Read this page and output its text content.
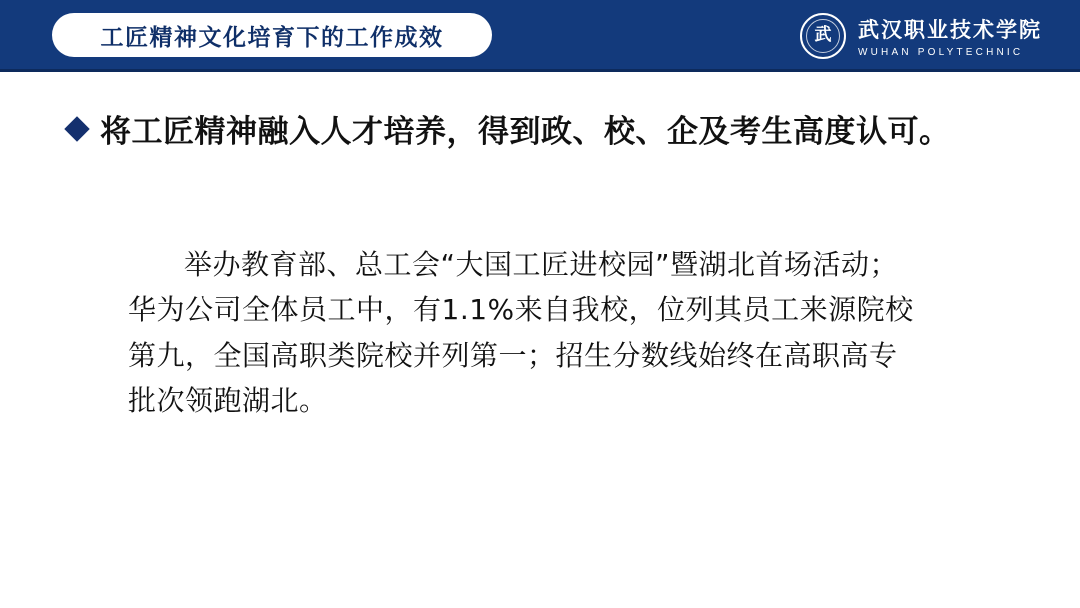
工匠精神文化培育下的工作成效	武 武汉职业技术学院
WUHAN POLYTECHNIC
将工匠精神融入人才培养，得到政、校、企及考生高度认可。
举办教育部、总工会“大国工匠进校园”暨湖北首场活动；华为公司全体员工中，有1.1%来自我校，位列其员工来源院校第九，全国高职类院校并列第一；招生分数线始终在高职高专批次领跑湖北。
